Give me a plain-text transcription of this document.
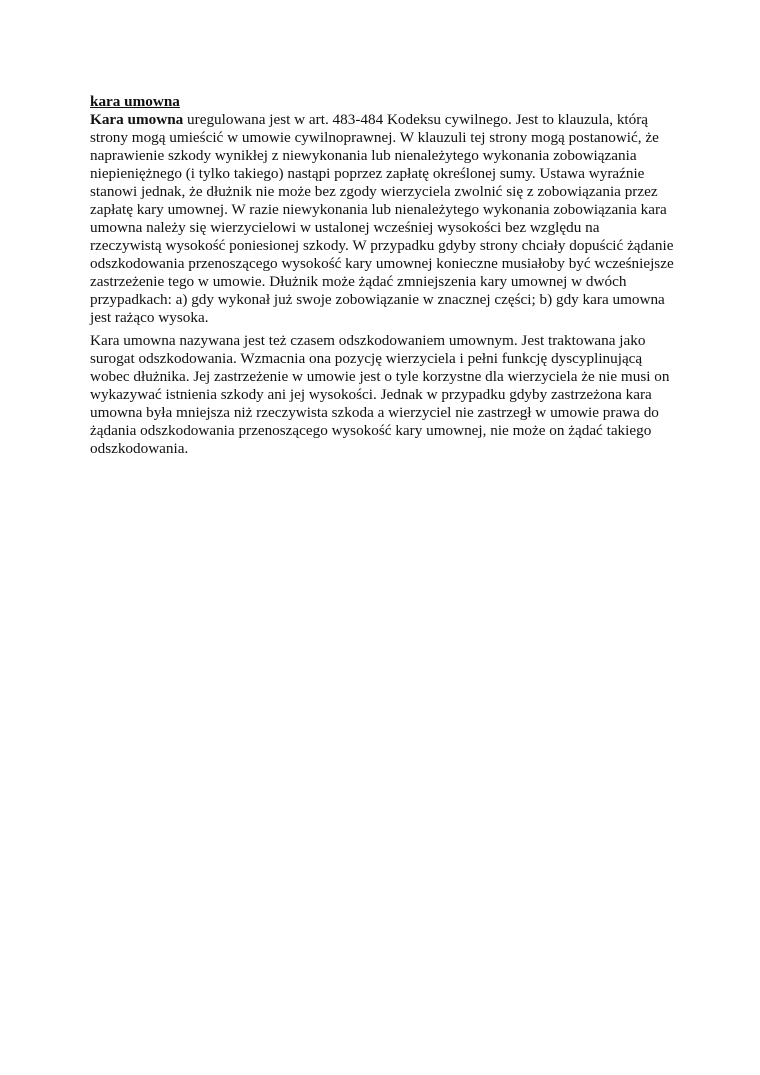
kara umowna

Kara umowna uregulowana jest w art. 483-484 Kodeksu cywilnego. Jest to klauzula, którą strony mogą umieścić w umowie cywilnoprawnej. W klauzuli tej strony mogą postanowić, że naprawienie szkody wynikłej z niewykonania lub nienależytego wykonania zobowiązania niepieniężnego (i tylko takiego) nastąpi poprzez zapłatę określonej sumy. Ustawa wyraźnie stanowi jednak, że dłużnik nie może bez zgody wierzyciela zwolnić się z zobowiązania przez zapłatę kary umownej. W razie niewykonania lub nienależytego wykonania zobowiązania kara umowna należy się wierzycielowi w ustalonej wcześniej wysokości bez względu na rzeczywistą wysokość poniesionej szkody. W przypadku gdyby strony chciały dopuścić żądanie odszkodowania przenoszącego wysokość kary umownej konieczne musiałoby być wcześniejsze zastrzeżenie tego w umowie. Dłużnik może żądać zmniejszenia kary umownej w dwóch przypadkach: a) gdy wykonał już swoje zobowiązanie w znacznej części; b) gdy kara umowna jest rażąco wysoka.

Kara umowna nazywana jest też czasem odszkodowaniem umownym. Jest traktowana jako surogat odszkodowania. Wzmacnia ona pozycję wierzyciela i pełni funkcję dyscyplinującą wobec dłużnika. Jej zastrzeżenie w umowie jest o tyle korzystne dla wierzyciela że nie musi on wykazywać istnienia szkody ani jej wysokości. Jednak w przypadku gdyby zastrzeżona kara umowna była mniejsza niż rzeczywista szkoda a wierzyciel nie zastrzegł w umowie prawa do żądania odszkodowania przenoszącego wysokość kary umownej, nie może on żądać takiego odszkodowania.
